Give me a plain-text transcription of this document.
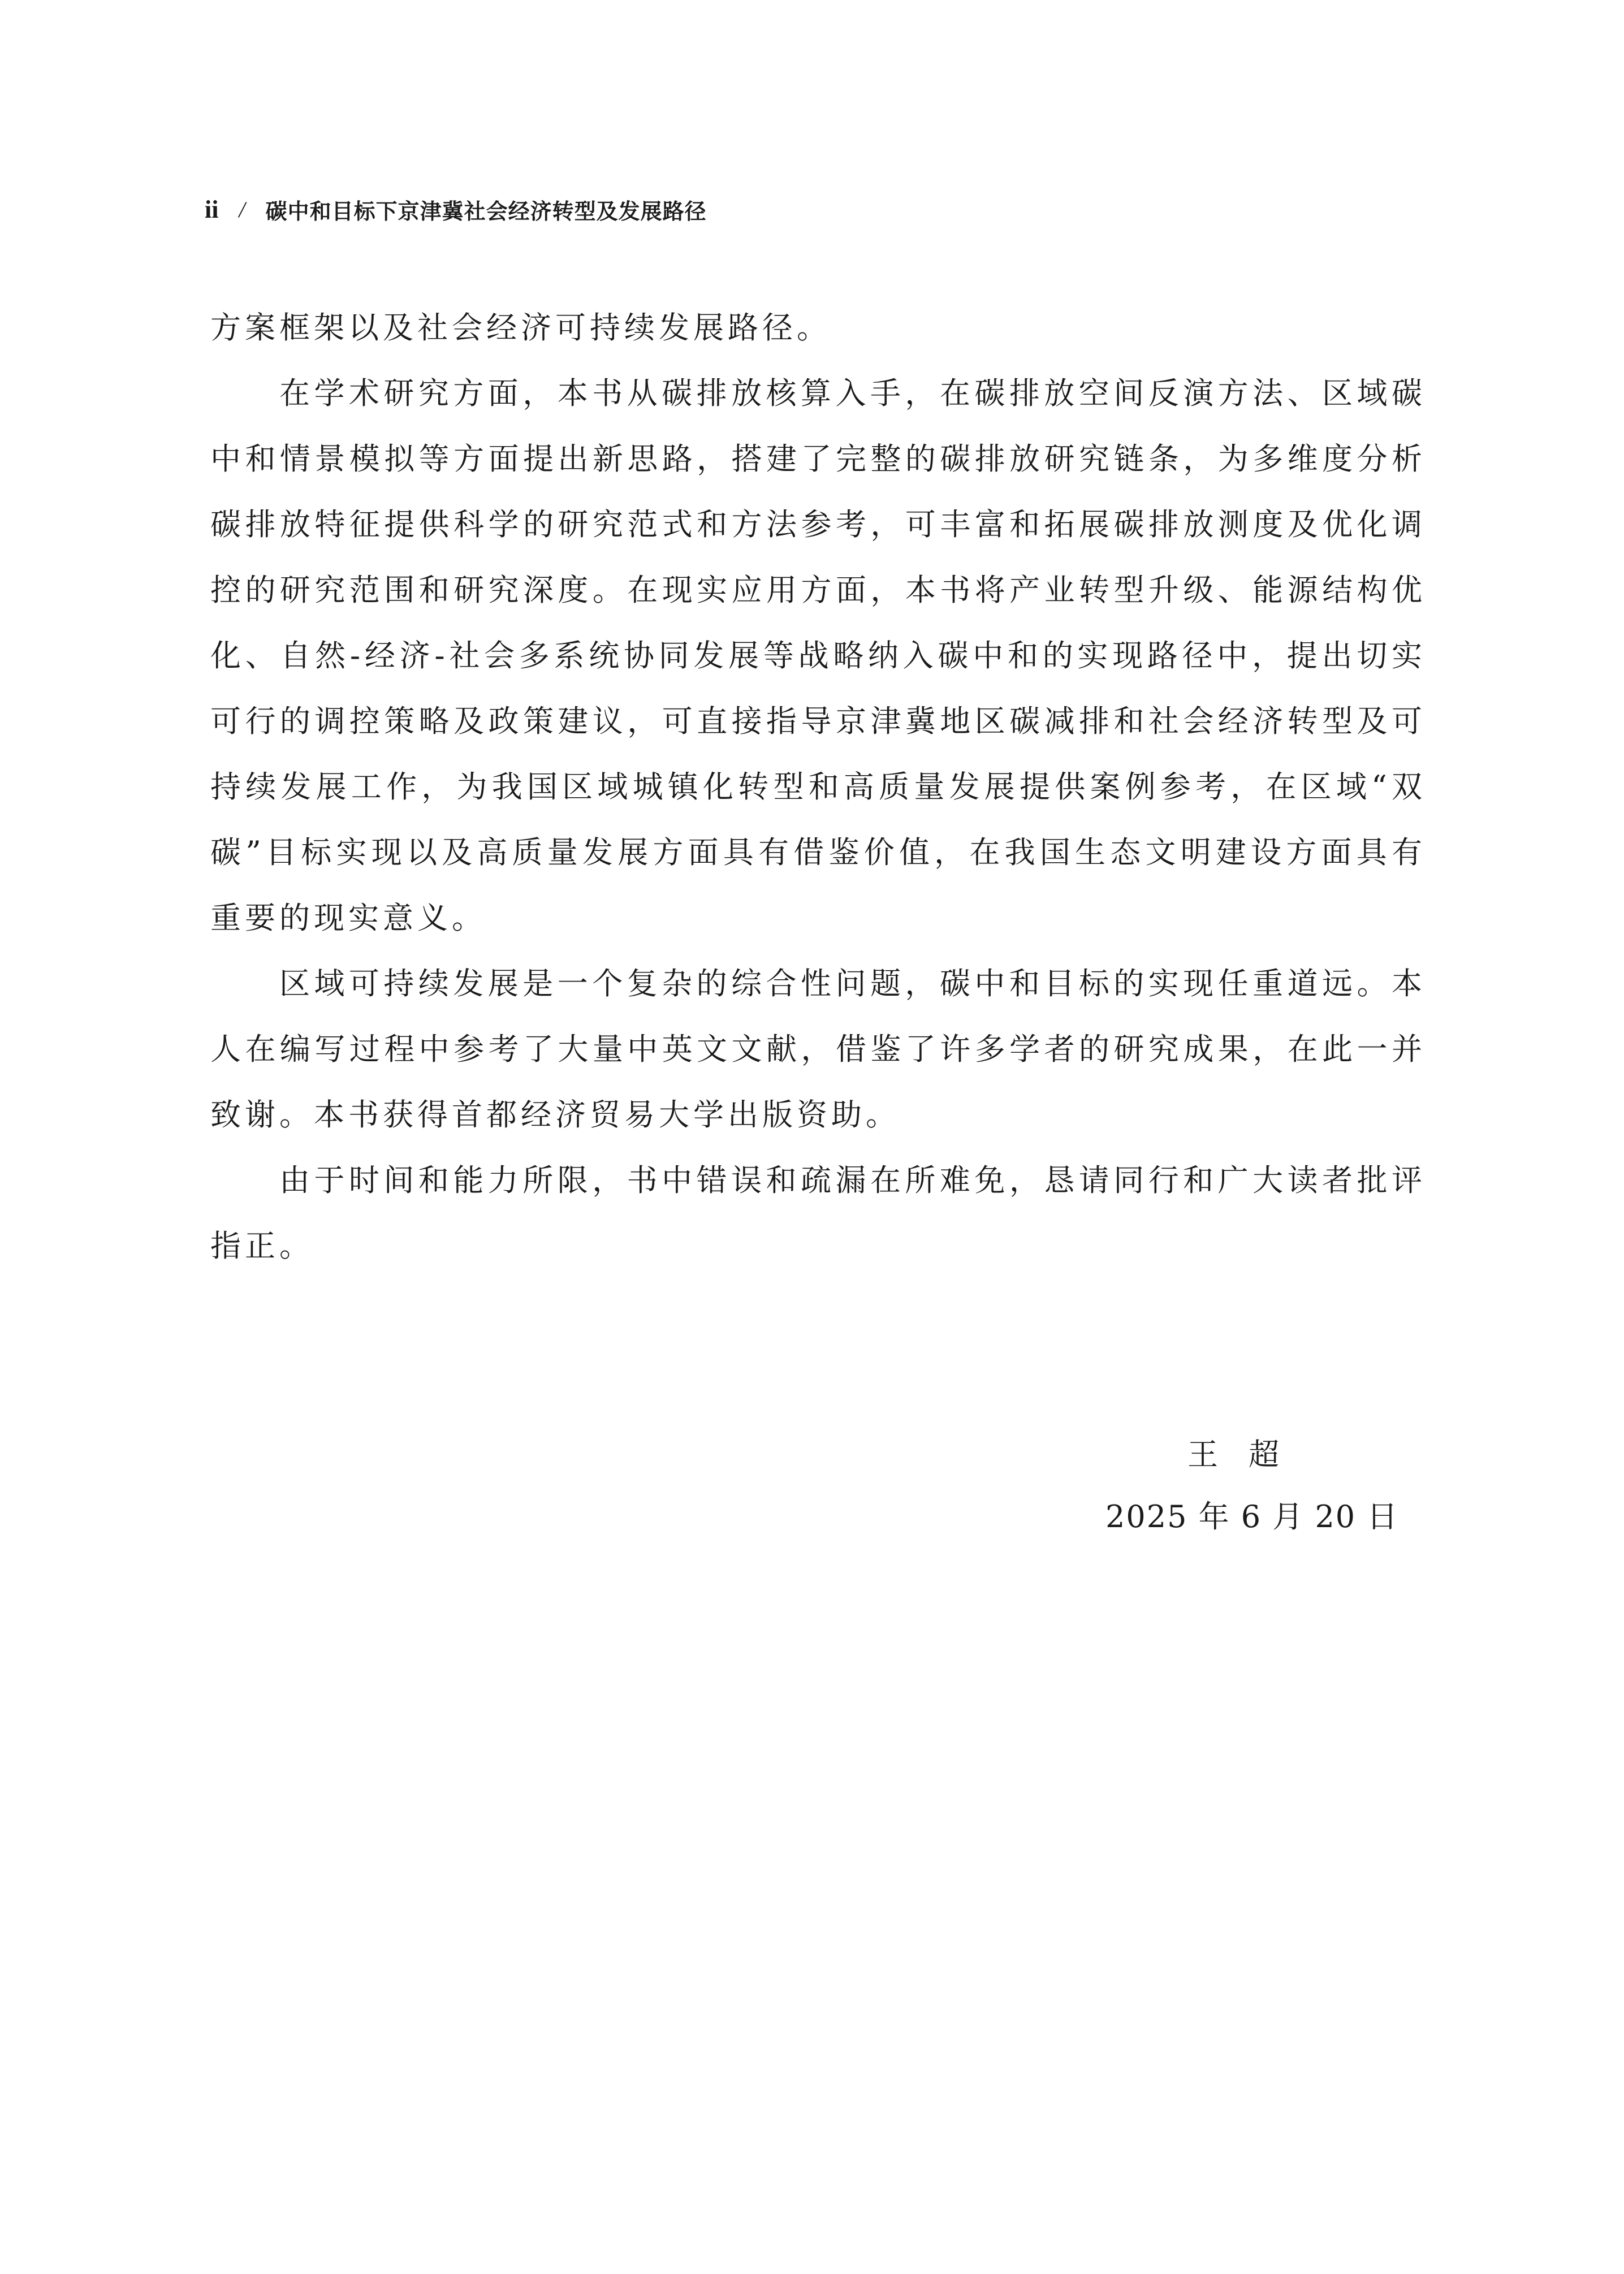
ii / 碳中和目标下京津冀社会经济转型及发展路径

方案框架以及社会经济可持续发展路径。

在学术研究方面，本书从碳排放核算入手，在碳排放空间反演方法、区域碳中和情景模拟等方面提出新思路，搭建了完整的碳排放研究链条，为多维度分析碳排放特征提供科学的研究范式和方法参考，可丰富和拓展碳排放测度及优化调控的研究范围和研究深度。在现实应用方面，本书将产业转型升级、能源结构优化、自然-经济-社会多系统协同发展等战略纳入碳中和的实现路径中，提出切实可行的调控策略及政策建议，可直接指导京津冀地区碳减排和社会经济转型及可持续发展工作，为我国区域城镇化转型和高质量发展提供案例参考，在区域“双碳”目标实现以及高质量发展方面具有借鉴价值，在我国生态文明建设方面具有重要的现实意义。

区域可持续发展是一个复杂的综合性问题，碳中和目标的实现任重道远。本人在编写过程中参考了大量中英文文献，借鉴了许多学者的研究成果，在此一并致谢。本书获得首都经济贸易大学出版资助。

由于时间和能力所限，书中错误和疏漏在所难免，恳请同行和广大读者批评指正。

王超
2025 年 6 月 20 日
